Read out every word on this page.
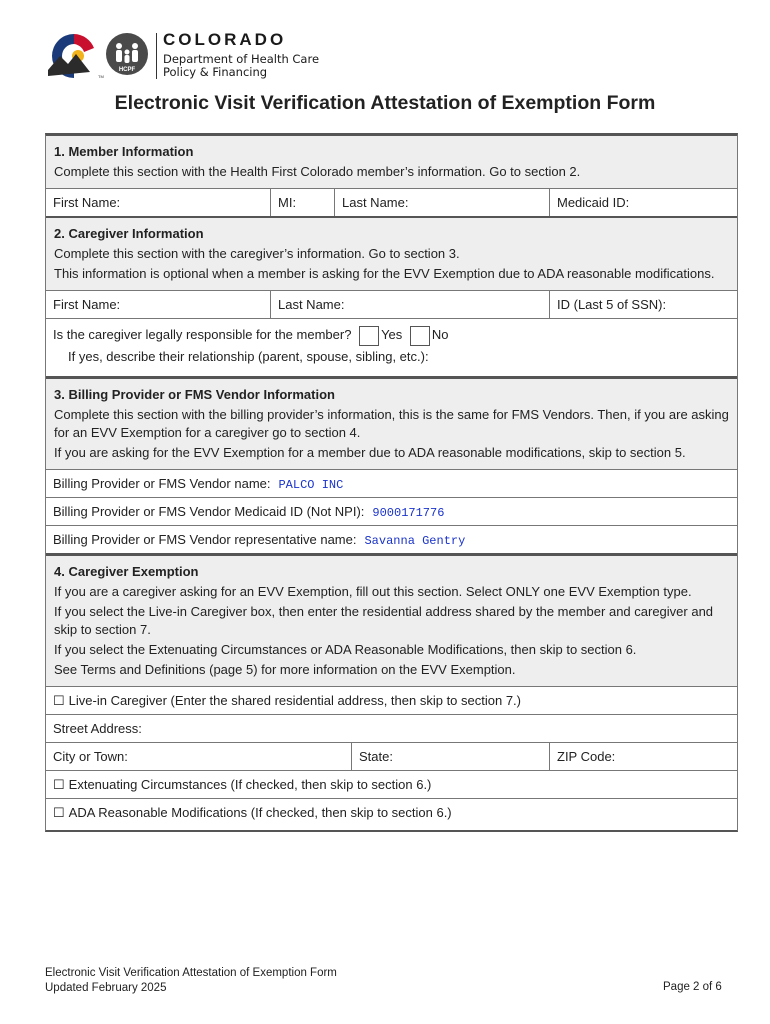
HCPF
TM
COLORADO
Department of Health Care
Policy & Financing
Electronic Visit Verification Attestation of Exemption Form
1. Member Information

Complete this section with the Health First Colorado member’s information. Go to section 2.

First Name:	MI:	Last Name:	Medicaid ID:
2. Caregiver Information

Complete this section with the caregiver’s information. Go to section 3.

This information is optional when a member is asking for the EVV Exemption due to ADA reasonable modifications.

First Name:	Last Name:	ID (Last 5 of SSN):
Is the caregiver legally responsible for the member? Yes No
If yes, describe their relationship (parent, spouse, sibling, etc.):
3. Billing Provider or FMS Vendor Information

Complete this section with the billing provider’s information, this is the same for FMS Vendors. Then, if you are asking for an EVV Exemption for a caregiver go to section 4.

If you are asking for the EVV Exemption for a member due to ADA reasonable modifications, skip to section 5.

Billing Provider or FMS Vendor name: PALCO INC
Billing Provider or FMS Vendor Medicaid ID (Not NPI): 9000171776
Billing Provider or FMS Vendor representative name: Savanna Gentry
4. Caregiver Exemption

If you are a caregiver asking for an EVV Exemption, fill out this section. Select ONLY one EVV Exemption type.

If you select the Live-in Caregiver box, then enter the residential address shared by the member and caregiver and skip to section 7.

If you select the Extenuating Circumstances or ADA Reasonable Modifications, then skip to section 6.

See Terms and Definitions (page 5) for more information on the EVV Exemption.

☐ Live-in Caregiver (Enter the shared residential address, then skip to section 7.)
Street Address:
City or Town:	State:	ZIP Code:
☐ Extenuating Circumstances (If checked, then skip to section 6.)
☐ ADA Reasonable Modifications (If checked, then skip to section 6.)
Electronic Visit Verification Attestation of Exemption Form
Updated February 2025	Page 2 of 6
